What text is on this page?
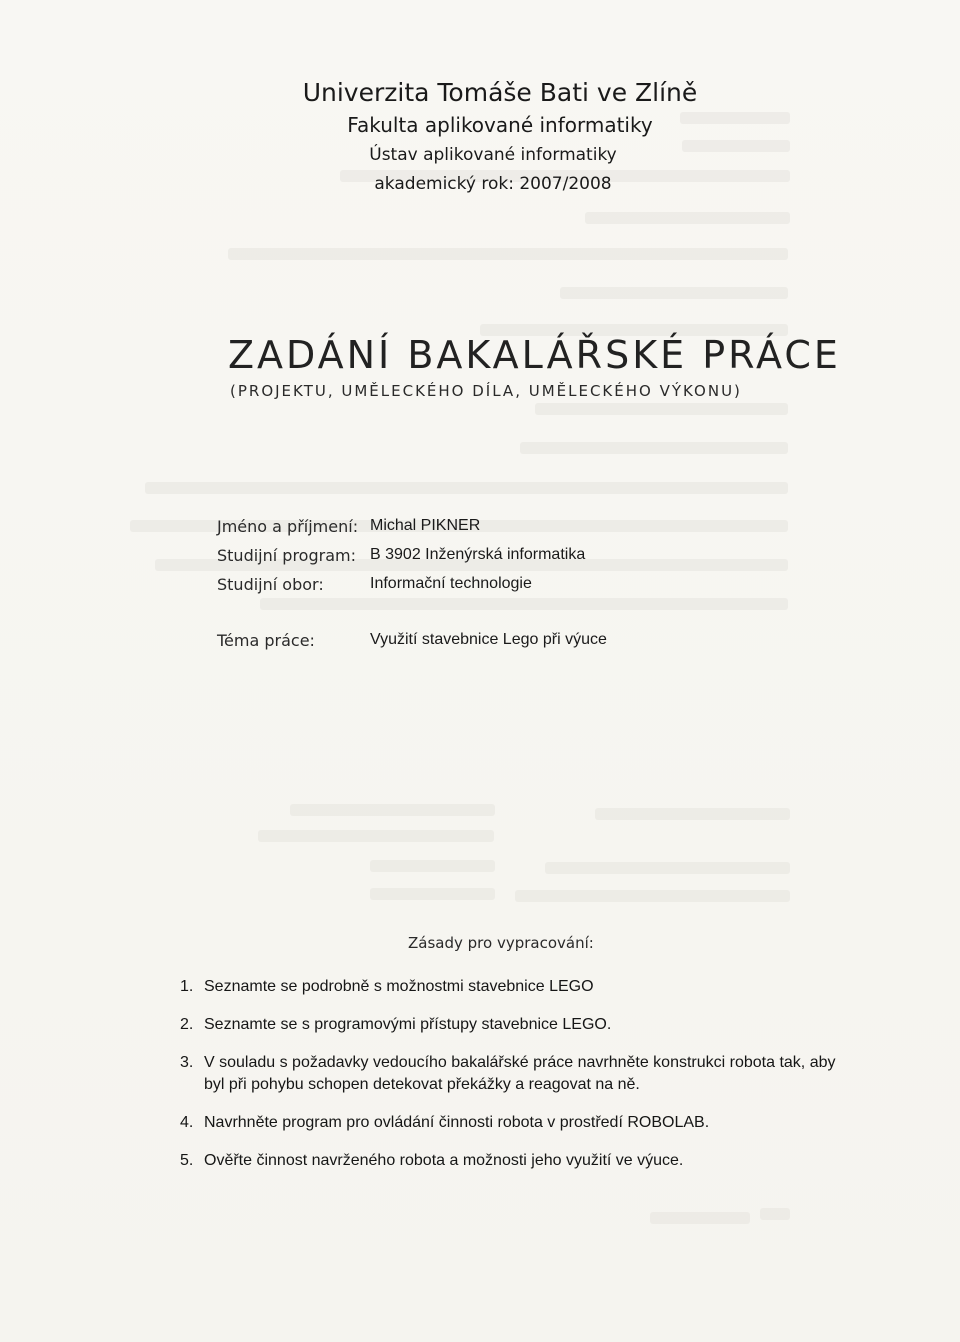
Univerzita Tomáše Bati ve Zlíně
Fakulta aplikované informatiky
Ústav aplikované informatiky
akademický rok: 2007/2008
ZADÁNÍ BAKALÁŘSKÉ PRÁCE
(PROJEKTU, UMĚLECKÉHO DÍLA, UMĚLECKÉHO VÝKONU)
Jméno a příjmení: Michal PIKNER
Studijní program: B 3902 Inženýrská informatika
Studijní obor:	Informační technologie
Téma práce:	Využití stavebnice Lego při výuce
Zásady pro vypracování:
1. Seznamte se podrobně s možnostmi stavebnice LEGO
2. Seznamte se s programovými přístupy stavebnice LEGO.
3. V souladu s požadavky vedoucího bakalářské práce navrhněte konstrukci robota tak, aby byl při pohybu schopen detekovat překážky a reagovat na ně.
4. Navrhněte program pro ovládání činnosti robota v prostředí ROBOLAB.
5. Ověřte činnost navrženého robota a možnosti jeho využití ve výuce.
